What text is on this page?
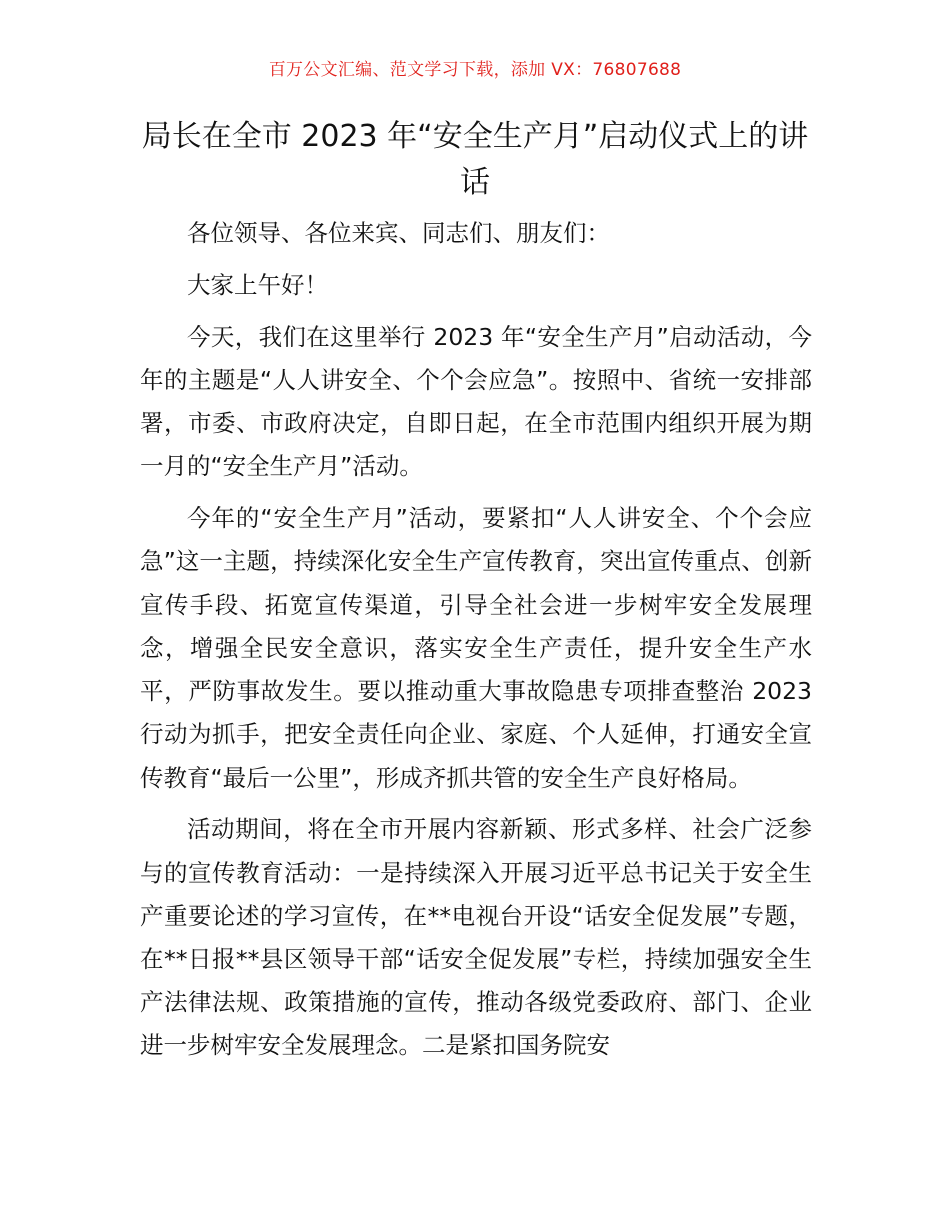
百万公文汇编、范文学习下载，添加 VX：76807688
局长在全市 2023 年“安全生产月”启动仪式上的讲话

各位领导、各位来宾、同志们、朋友们：

大家上午好！

今天，我们在这里举行 2023 年“安全生产月”启动活动，今年的主题是“人人讲安全、个个会应急”。按照中、省统一安排部署，市委、市政府决定，自即日起，在全市范围内组织开展为期一月的“安全生产月”活动。

今年的“安全生产月”活动，要紧扣“人人讲安全、个个会应急”这一主题，持续深化安全生产宣传教育，突出宣传重点、创新宣传手段、拓宽宣传渠道，引导全社会进一步树牢安全发展理念，增强全民安全意识，落实安全生产责任，提升安全生产水平，严防事故发生。要以推动重大事故隐患专项排查整治 2023 行动为抓手，把安全责任向企业、家庭、个人延伸，打通安全宣传教育“最后一公里”，形成齐抓共管的安全生产良好格局。

活动期间，将在全市开展内容新颖、形式多样、社会广泛参与的宣传教育活动：一是持续深入开展习近平总书记关于安全生产重要论述的学习宣传，在**电视台开设“话安全促发展”专题，在**日报**县区领导干部“话安全促发展”专栏，持续加强安全生产法律法规、政策措施的宣传，推动各级党委政府、部门、企业进一步树牢安全发展理念。二是紧扣国务院安
